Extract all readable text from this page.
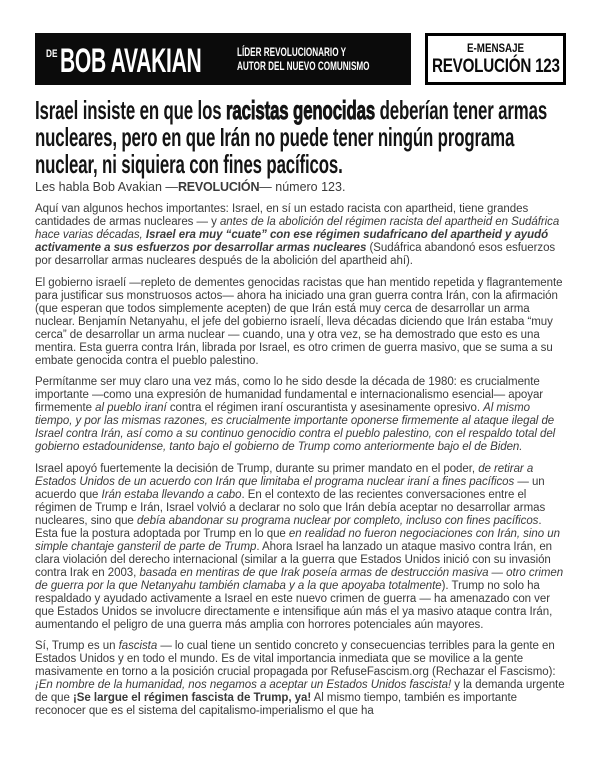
DE BOB AVAKIAN	LÍDER REVOLUCIONARIO Y
AUTOR DEL NUEVO COMUNISMO
E-MENSAJE
REVOLUCIÓN 123
Israel insiste en que los racistas genocidas deberían tener armas nucleares, pero en que Irán no puede tener ningún programa nuclear, ni siquiera con fines pacíficos.

Les habla Bob Avakian —REVOLUCIÓN— número 123.

Aquí van algunos hechos importantes: Israel, en sí un estado racista con apartheid, tiene grandes cantidades de armas nucleares — y antes de la abolición del régimen racista del apartheid en Sudáfrica hace varias décadas, Israel era muy “cuate” con ese régimen sudafricano del apartheid y ayudó activamente a sus esfuerzos por desarrollar armas nucleares (Sudáfrica abandonó esos esfuerzos por desarrollar armas nucleares después de la abolición del apartheid ahí).

El gobierno israelí —repleto de dementes genocidas racistas que han mentido repetida y flagrantemente para justificar sus monstruosos actos— ahora ha iniciado una gran guerra contra Irán, con la afirmación (que esperan que todos simplemente acepten) de que Irán está muy cerca de desarrollar un arma nuclear. Benjamín Netanyahu, el jefe del gobierno israelí, lleva décadas diciendo que Irán estaba “muy cerca” de desarrollar un arma nuclear — cuando, una y otra vez, se ha demostrado que esto es una mentira. Esta guerra contra Irán, librada por Israel, es otro crimen de guerra masivo, que se suma a su embate genocida contra el pueblo palestino.

Permítanme ser muy claro una vez más, como lo he sido desde la década de 1980: es crucialmente importante —como una expresión de humanidad fundamental e internacionalismo esencial— apoyar firmemente al pueblo iraní contra el régimen iraní oscurantista y asesinamente opresivo. Al mismo tiempo, y por las mismas razones, es crucialmente importante oponerse firmemente al ataque ilegal de Israel contra Irán, así como a su continuo genocidio contra el pueblo palestino, con el respaldo total del gobierno estadounidense, tanto bajo el gobierno de Trump como anteriormente bajo el de Biden.

Israel apoyó fuertemente la decisión de Trump, durante su primer mandato en el poder, de retirar a Estados Unidos de un acuerdo con Irán que limitaba el programa nuclear iraní a fines pacíficos — un acuerdo que Irán estaba llevando a cabo. En el contexto de las recientes conversaciones entre el régimen de Trump e Irán, Israel volvió a declarar no solo que Irán debía aceptar no desarrollar armas nucleares, sino que debía abandonar su programa nuclear por completo, incluso con fines pacíficos. Esta fue la postura adoptada por Trump en lo que en realidad no fueron negociaciones con Irán, sino un simple chantaje gansteril de parte de Trump. Ahora Israel ha lanzado un ataque masivo contra Irán, en clara violación del derecho internacional (similar a la guerra que Estados Unidos inició con su invasión contra Irak en 2003, basada en mentiras de que Irak poseía armas de destrucción masiva — otro crimen de guerra por la que Netanyahu también clamaba y a la que apoyaba totalmente). Trump no solo ha respaldado y ayudado activamente a Israel en este nuevo crimen de guerra — ha amenazado con ver que Estados Unidos se involucre directamente e intensifique aún más el ya masivo ataque contra Irán, aumentando el peligro de una guerra más amplia con horrores potenciales aún mayores.

Sí, Trump es un fascista — lo cual tiene un sentido concreto y consecuencias terribles para la gente en Estados Unidos y en todo el mundo. Es de vital importancia inmediata que se movilice a la gente masivamente en torno a la posición crucial propagada por RefuseFascism.org (Rechazar el Fascismo): ¡En nombre de la humanidad, nos negamos a aceptar un Estados Unidos fascista! y la demanda urgente de que ¡Se largue el régimen fascista de Trump, ya! Al mismo tiempo, también es importante reconocer que es el sistema del capitalismo-imperialismo el que ha
